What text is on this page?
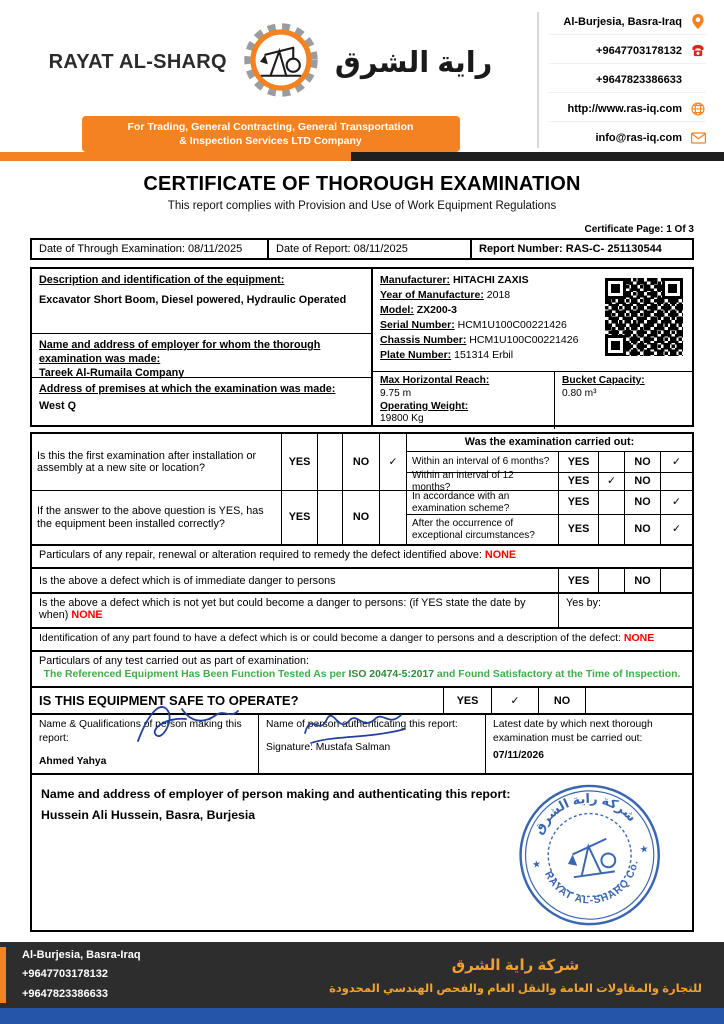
RAYAT AL-SHARQ	راية الشرق
For Trading, General Contracting, General Transportation
& Inspection Services LTD Company
Al-Burjesia, Basra-Iraq
+9647703178132
+9647823386633
http://www.ras-iq.com
info@ras-iq.com
CERTIFICATE OF THOROUGH EXAMINATION

This report complies with Provision and Use of Work Equipment Regulations

Certificate Page: 1 Of 3
Date of Through Examination: 08/11/2025	Date of Report: 08/11/2025	Report Number: RAS-C- 251130544
Description and identification of the equipment:
Excavator Short Boom, Diesel powered, Hydraulic Operated
Name and address of employer for whom the thorough examination was made:
Tareek Al-Rumaila Company
Address of premises at which the examination was made:
West Q
Manufacturer: HITACHI ZAXIS
Year of Manufacture: 2018
Model: ZX200-3
Serial Number: HCM1U100C00221426
Chassis Number: HCM1U100C00221426
Plate Number: 151314 Erbil
Max Horizontal Reach:
9.75 m
Operating Weight:
19800 Kg
Bucket Capacity:
0.80 m³
Is this the first examination after installation or assembly at a new site or location?
YES	NO	✓
Was the examination carried out:
Within an interval of 6 months?	YES	NO	✓
Within an interval of 12 months?	YES	✓	NO
If the answer to the above question is YES, has the equipment been installed correctly?
YES	NO
In accordance with an examination scheme?	YES	NO	✓
After the occurrence of exceptional circumstances?	YES	NO	✓
Particulars of any repair, renewal or alteration required to remedy the defect identified above: NONE
Is the above a defect which is of immediate danger to persons	YES	NO
Is the above a defect which is not yet but could become a danger to persons: (if YES state the date by when) NONE
Yes by:
Identification of any part found to have a defect which is or could become a danger to persons and a description of the defect: NONE
Particulars of any test carried out as part of examination:
The Referenced Equipment Has Been Function Tested As per ISO 20474-5:2017 and Found Satisfactory at the Time of Inspection.
IS THIS EQUIPMENT SAFE TO OPERATE?	YES	✓	NO
Name & Qualifications of person making this report:
Ahmed Yahya
Name of person authenticating this report:
Signature: Mustafa Salman
Latest date by which next thorough examination must be carried out:
07/11/2026
Name and address of employer of person making and authenticating this report:
Hussein Ali Hussein, Basra, Burjesia
شركة راية الشرق
RAYAT AL-SHARQ Co.
★
★
Al-Burjesia, Basra-Iraq
+9647703178132
+9647823386633
شركة راية الشرق
للتجارة والمقاولات العامة والنقل العام والفحص الهندسي المحدودة
